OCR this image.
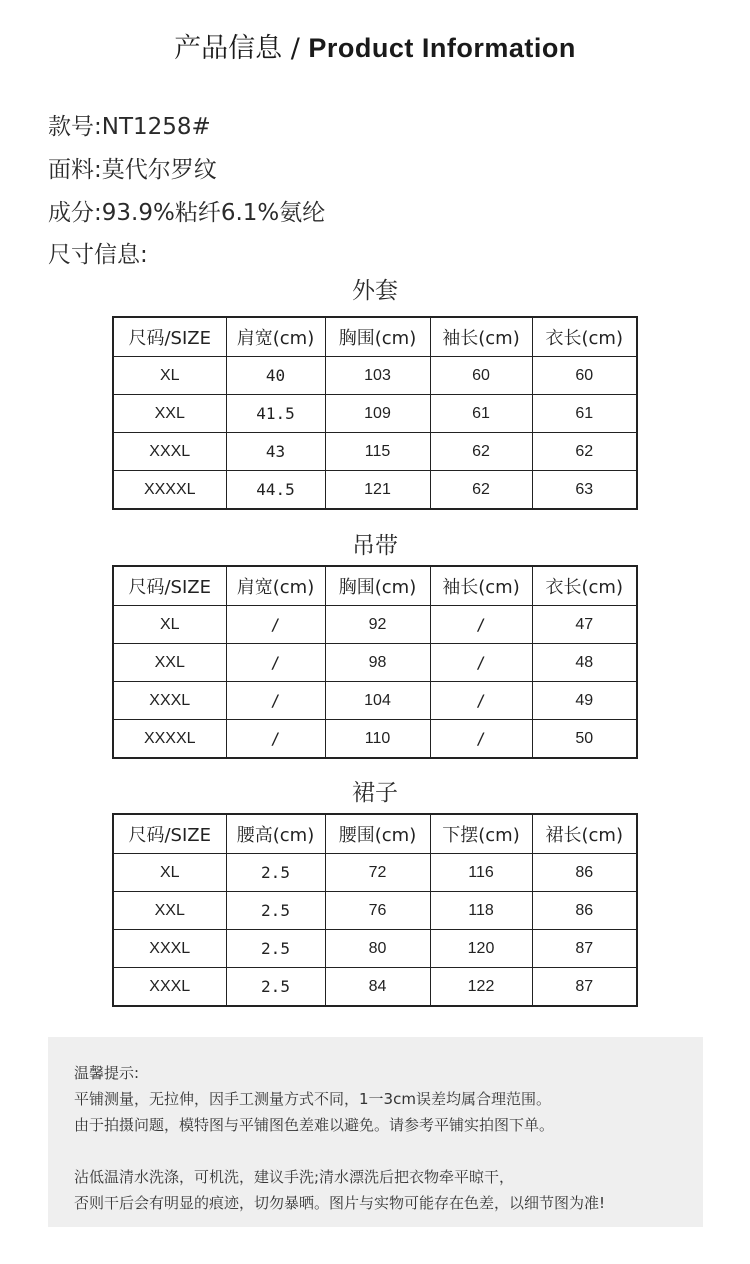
产品信息 / Product Information
款号:NT1258#
面料:莫代尔罗纹
成分:93.9%粘纤6.1%氨纶
尺寸信息:
外套
尺码/SIZE	肩宽(cm)	胸围(cm)	袖长(cm)	衣长(cm)
XL	40	103	60	60
XXL	41.5	109	61	61
XXXL	43	115	62	62
XXXXL	44.5	121	62	63
吊带
尺码/SIZE	肩宽(cm)	胸围(cm)	袖长(cm)	衣长(cm)
XL	/	92	/	47
XXL	/	98	/	48
XXXL	/	104	/	49
XXXXL	/	110	/	50
裙子
尺码/SIZE	腰高(cm)	腰围(cm)	下摆(cm)	裙长(cm)
XL	2.5	72	116	86
XXL	2.5	76	118	86
XXXL	2.5	80	120	87
XXXL	2.5	84	122	87

温馨提示:

平铺测量，无拉伸，因手工测量方式不同，1一3cm误差均属合理范围。

由于拍摄问题，模特图与平铺图色差难以避免。请参考平铺实拍图下单。

沾低温清水洗涤，可机洗，建议手洗;清水漂洗后把衣物牵平晾干，

否则干后会有明显的痕迹，切勿暴晒。图片与实物可能存在色差，以细节图为准!
